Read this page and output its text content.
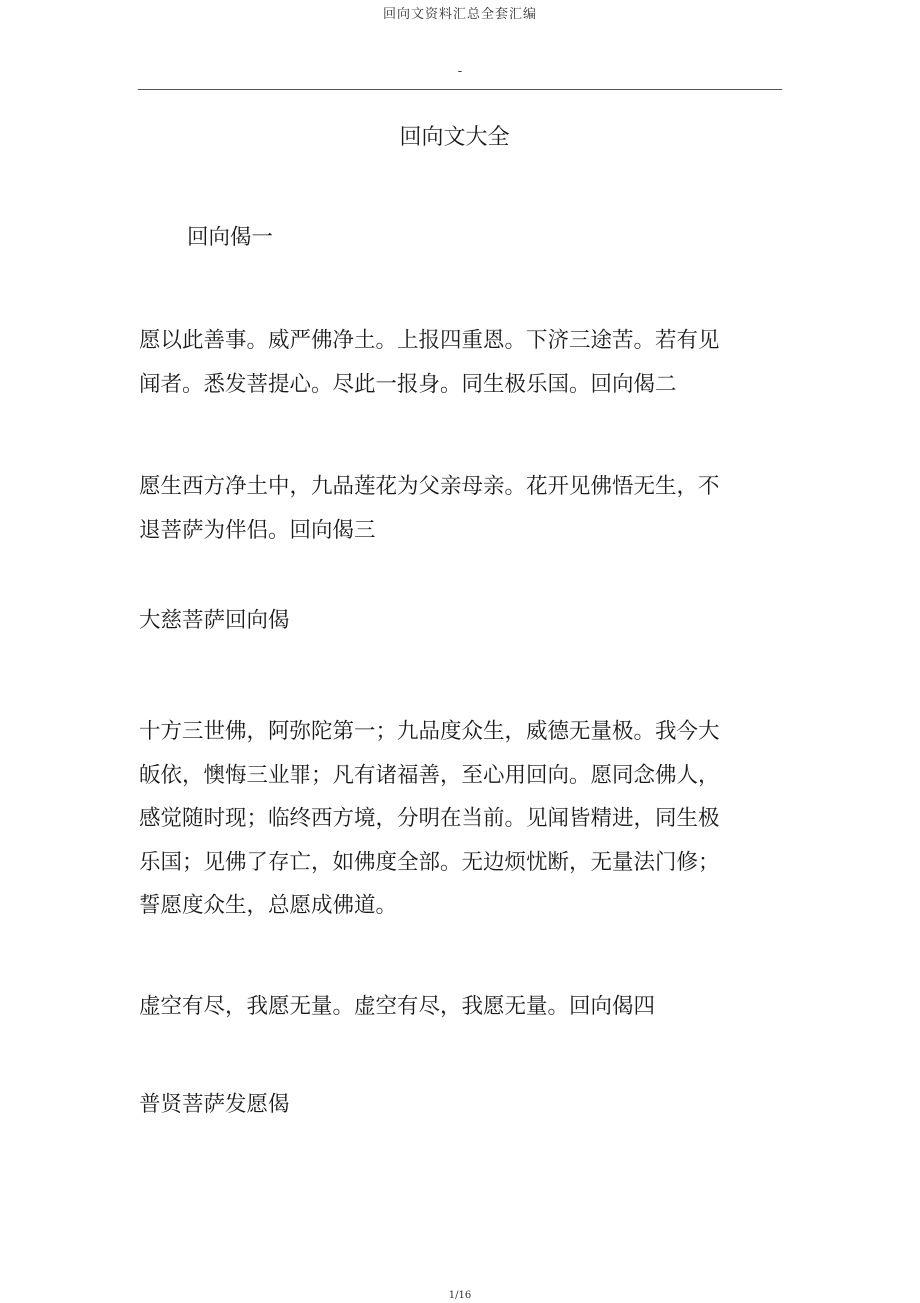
回向文资料汇总全套汇编
-
回向文大全

回向偈一

愿以此善事。威严佛净土。上报四重恩。下济三途苦。若有见闻者。悉发菩提心。尽此一报身。同生极乐国。回向偈二

愿生西方净土中，九品莲花为父亲母亲。花开见佛悟无生，不退菩萨为伴侣。回向偈三

大慈菩萨回向偈

十方三世佛，阿弥陀第一；九品度众生，威德无量极。我今大皈依，懊悔三业罪；凡有诸福善，至心用回向。愿同念佛人，感觉随时现；临终西方境，分明在当前。见闻皆精进，同生极乐国；见佛了存亡，如佛度全部。无边烦忧断，无量法门修；誓愿度众生，总愿成佛道。

虚空有尽，我愿无量。虚空有尽，我愿无量。回向偈四

普贤菩萨发愿偈

1/16
